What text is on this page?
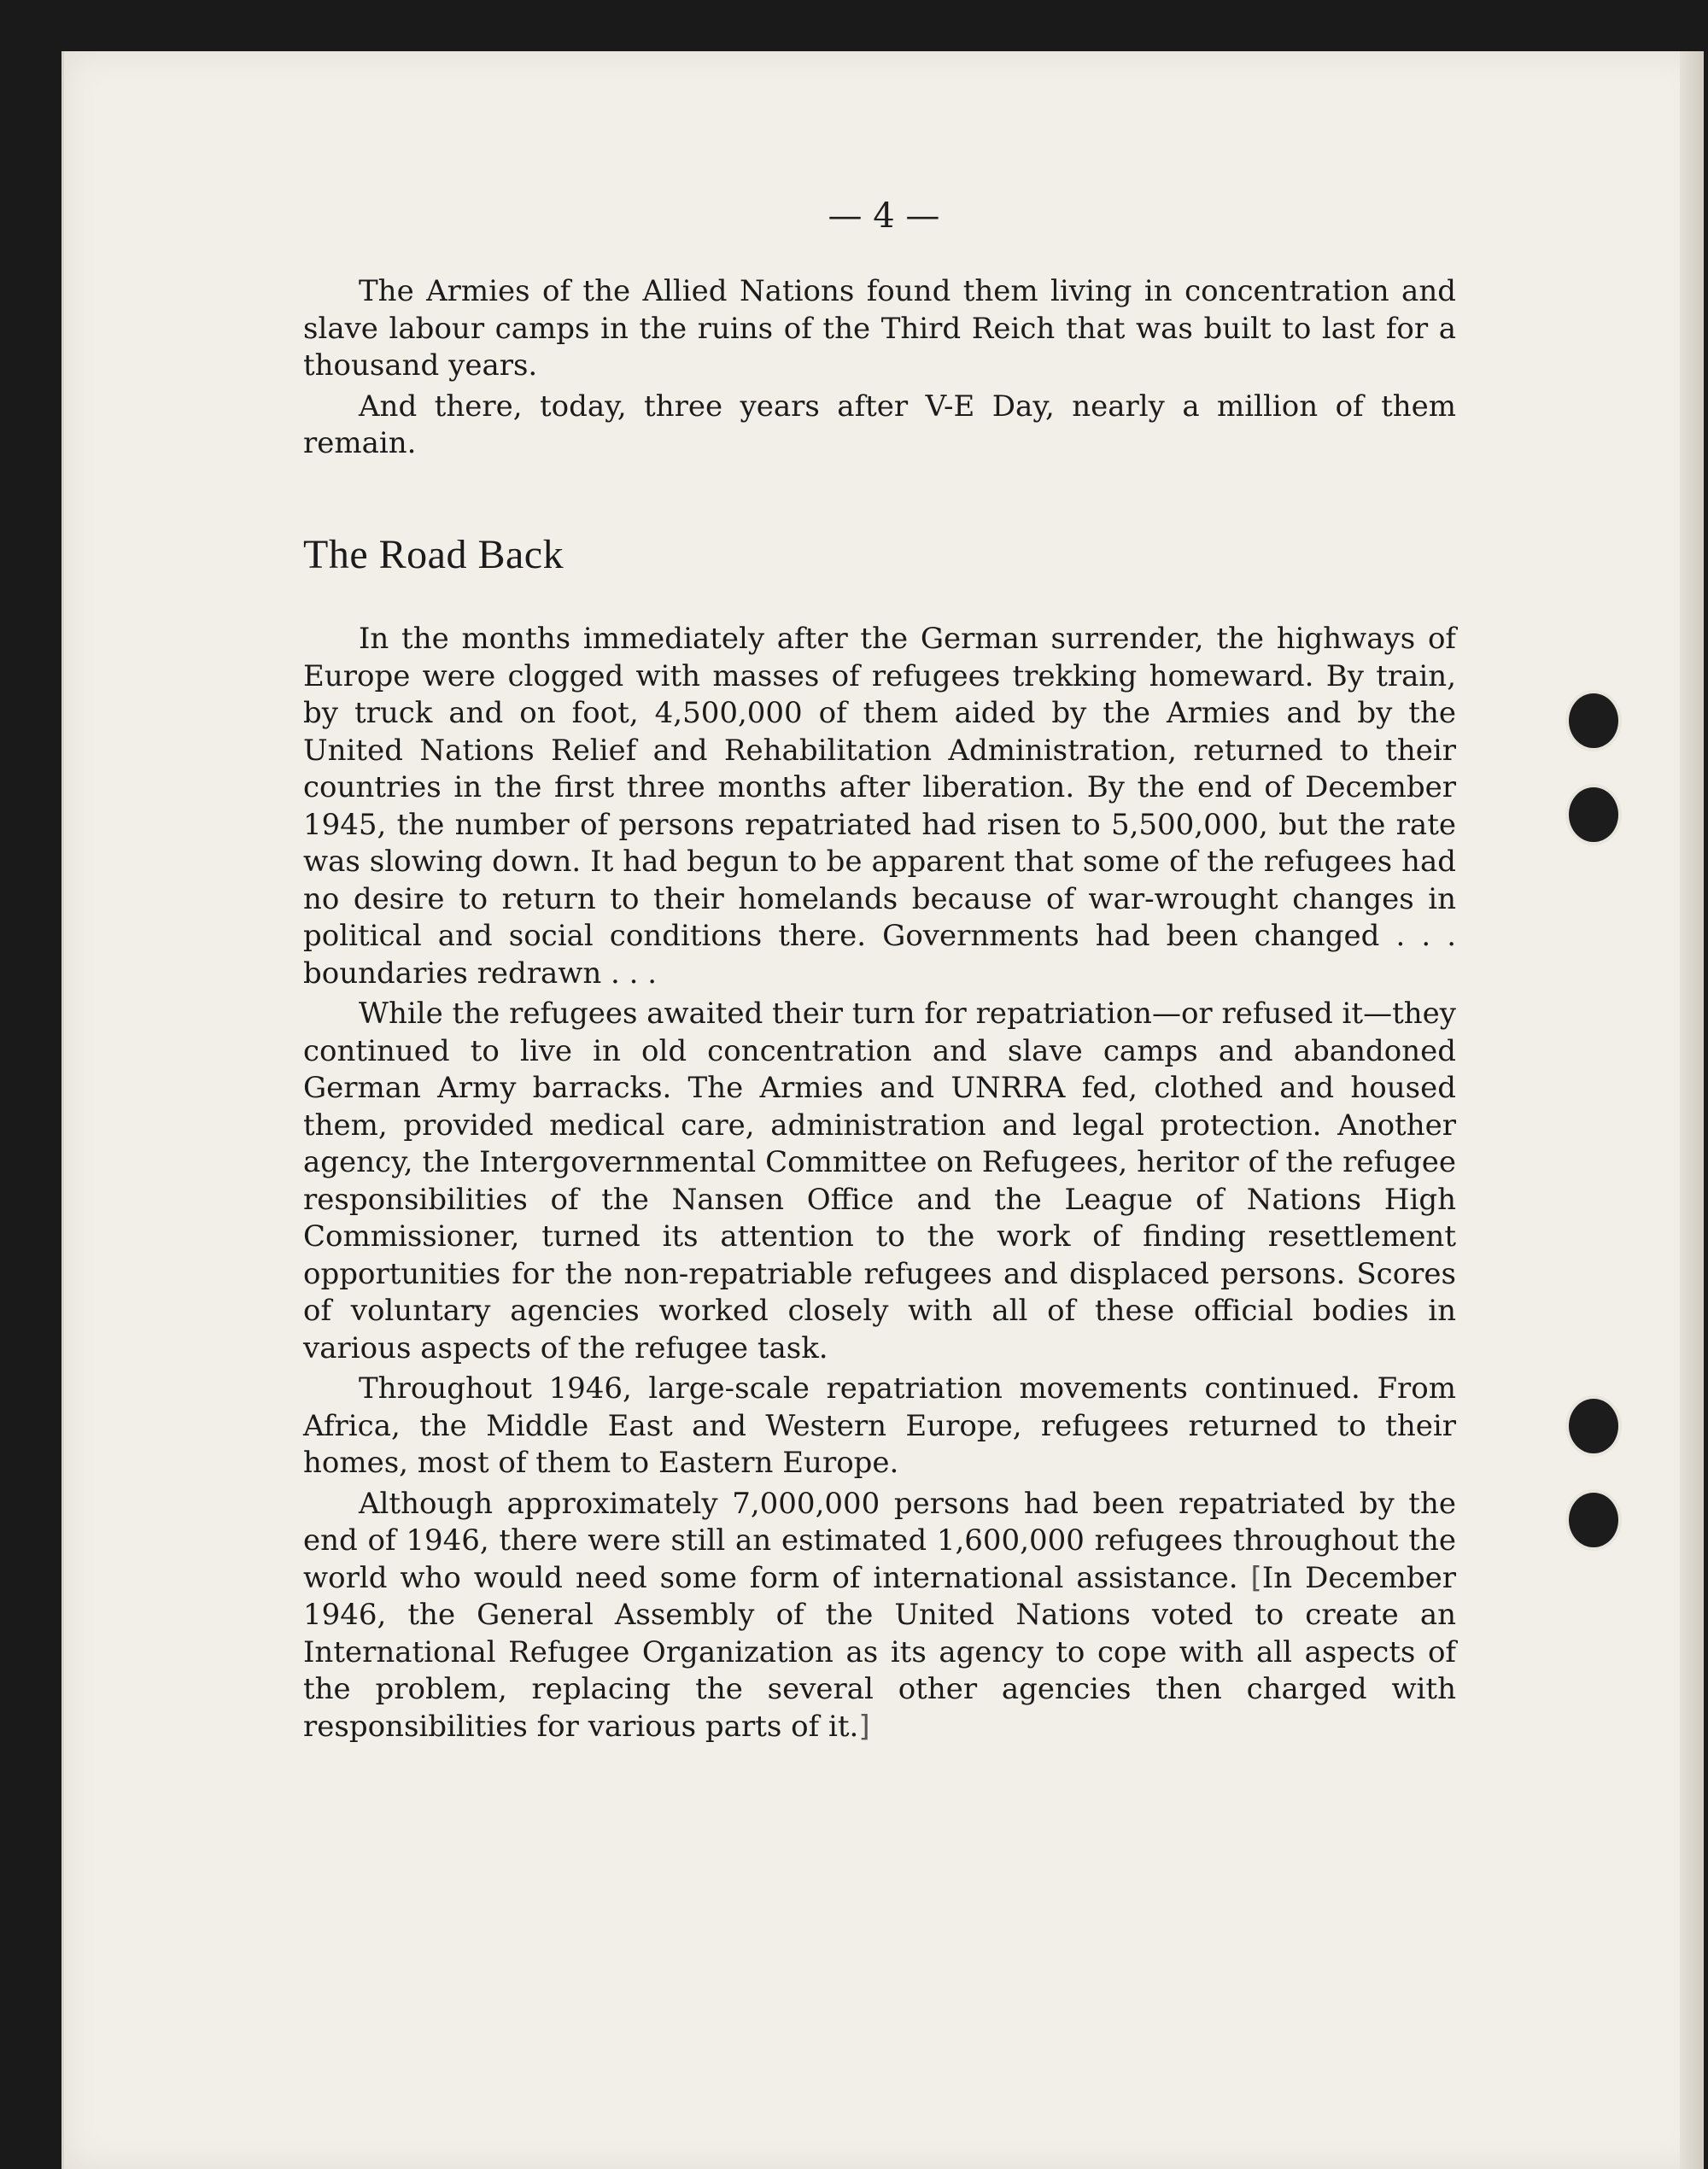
— 4 —

The Armies of the Allied Nations found them living in concentration and slave labour camps in the ruins of the Third Reich that was built to last for a thousand years.

And there, today, three years after V-E Day, nearly a million of them remain.

The Road Back

In the months immediately after the German surrender, the highways of Europe were clogged with masses of refugees trekking homeward. By train, by truck and on foot, 4,500,000 of them aided by the Armies and by the United Nations Relief and Rehabilitation Administration, returned to their countries in the first three months after liberation. By the end of December 1945, the number of persons repatriated had risen to 5,500,000, but the rate was slowing down. It had begun to be apparent that some of the refugees had no desire to return to their homelands because of war-wrought changes in political and social conditions there. Governments had been changed . . . boundaries redrawn . . .

While the refugees awaited their turn for repatriation—or refused it—they continued to live in old concentration and slave camps and abandoned German Army barracks. The Armies and UNRRA fed, clothed and housed them, provided medical care, administration and legal protection. Another agency, the Intergovernmental Committee on Refugees, heritor of the refugee responsibilities of the Nansen Office and the League of Nations High Commissioner, turned its attention to the work of finding resettlement opportunities for the non-repatriable refugees and displaced persons. Scores of voluntary agencies worked closely with all of these official bodies in various aspects of the refugee task.

Throughout 1946, large-scale repatriation movements continued. From Africa, the Middle East and Western Europe, refugees returned to their homes, most of them to Eastern Europe.

Although approximately 7,000,000 persons had been repatriated by the end of 1946, there were still an estimated 1,600,000 refugees throughout the world who would need some form of international assistance. [In December 1946, the General Assembly of the United Nations voted to create an International Refugee Organization as its agency to cope with all aspects of the problem, replacing the several other agencies then charged with responsibilities for various parts of it.]
